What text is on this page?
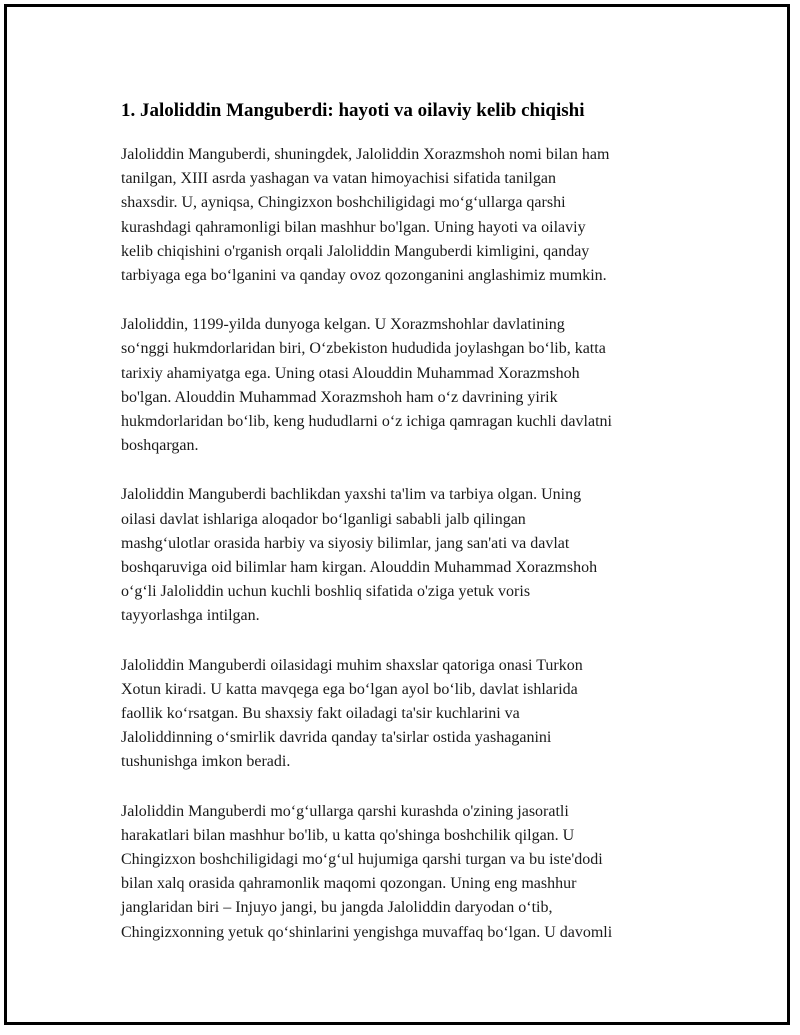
1. Jaloliddin Manguberdi: hayoti va oilaviy kelib chiqishi

Jaloliddin Manguberdi, shuningdek, Jaloliddin Xorazmshoh nomi bilan ham
tanilgan, XIII asrda yashagan va vatan himoyachisi sifatida tanilgan
shaxsdir. U, ayniqsa, Chingizxon boshchiligidagi mo‘g‘ullarga qarshi
kurashdagi qahramonligi bilan mashhur bo'lgan. Uning hayoti va oilaviy
kelib chiqishini o'rganish orqali Jaloliddin Manguberdi kimligini, qanday
tarbiyaga ega bo‘lganini va qanday ovoz qozonganini anglashimiz mumkin.

Jaloliddin, 1199-yilda dunyoga kelgan. U Xorazmshohlar davlatining
so‘nggi hukmdorlaridan biri, O‘zbekiston hududida joylashgan bo‘lib, katta
tarixiy ahamiyatga ega. Uning otasi Alouddin Muhammad Xorazmshoh
bo'lgan. Alouddin Muhammad Xorazmshoh ham o‘z davrining yirik
hukmdorlaridan bo‘lib, keng hududlarni o‘z ichiga qamragan kuchli davlatni
boshqargan.

Jaloliddin Manguberdi bachlikdan yaxshi ta'lim va tarbiya olgan. Uning
oilasi davlat ishlariga aloqador bo‘lganligi sababli jalb qilingan
mashg‘ulotlar orasida harbiy va siyosiy bilimlar, jang san'ati va davlat
boshqaruviga oid bilimlar ham kirgan. Alouddin Muhammad Xorazmshoh
o‘g‘li Jaloliddin uchun kuchli boshliq sifatida o'ziga yetuk voris
tayyorlashga intilgan.

Jaloliddin Manguberdi oilasidagi muhim shaxslar qatoriga onasi Turkon
Xotun kiradi. U katta mavqega ega bo‘lgan ayol bo‘lib, davlat ishlarida
faollik ko‘rsatgan. Bu shaxsiy fakt oiladagi ta'sir kuchlarini va
Jaloliddinning o‘smirlik davrida qanday ta'sirlar ostida yashaganini
tushunishga imkon beradi.

Jaloliddin Manguberdi mo‘g‘ullarga qarshi kurashda o'zining jasoratli
harakatlari bilan mashhur bo'lib, u katta qo'shinga boshchilik qilgan. U
Chingizxon boshchiligidagi mo‘g‘ul hujumiga qarshi turgan va bu iste'dodi
bilan xalq orasida qahramonlik maqomi qozongan. Uning eng mashhur
janglaridan biri – Injuyo jangi, bu jangda Jaloliddin daryodan o‘tib,
Chingizxonning yetuk qo‘shinlarini yengishga muvaffaq bo‘lgan. U davomli
